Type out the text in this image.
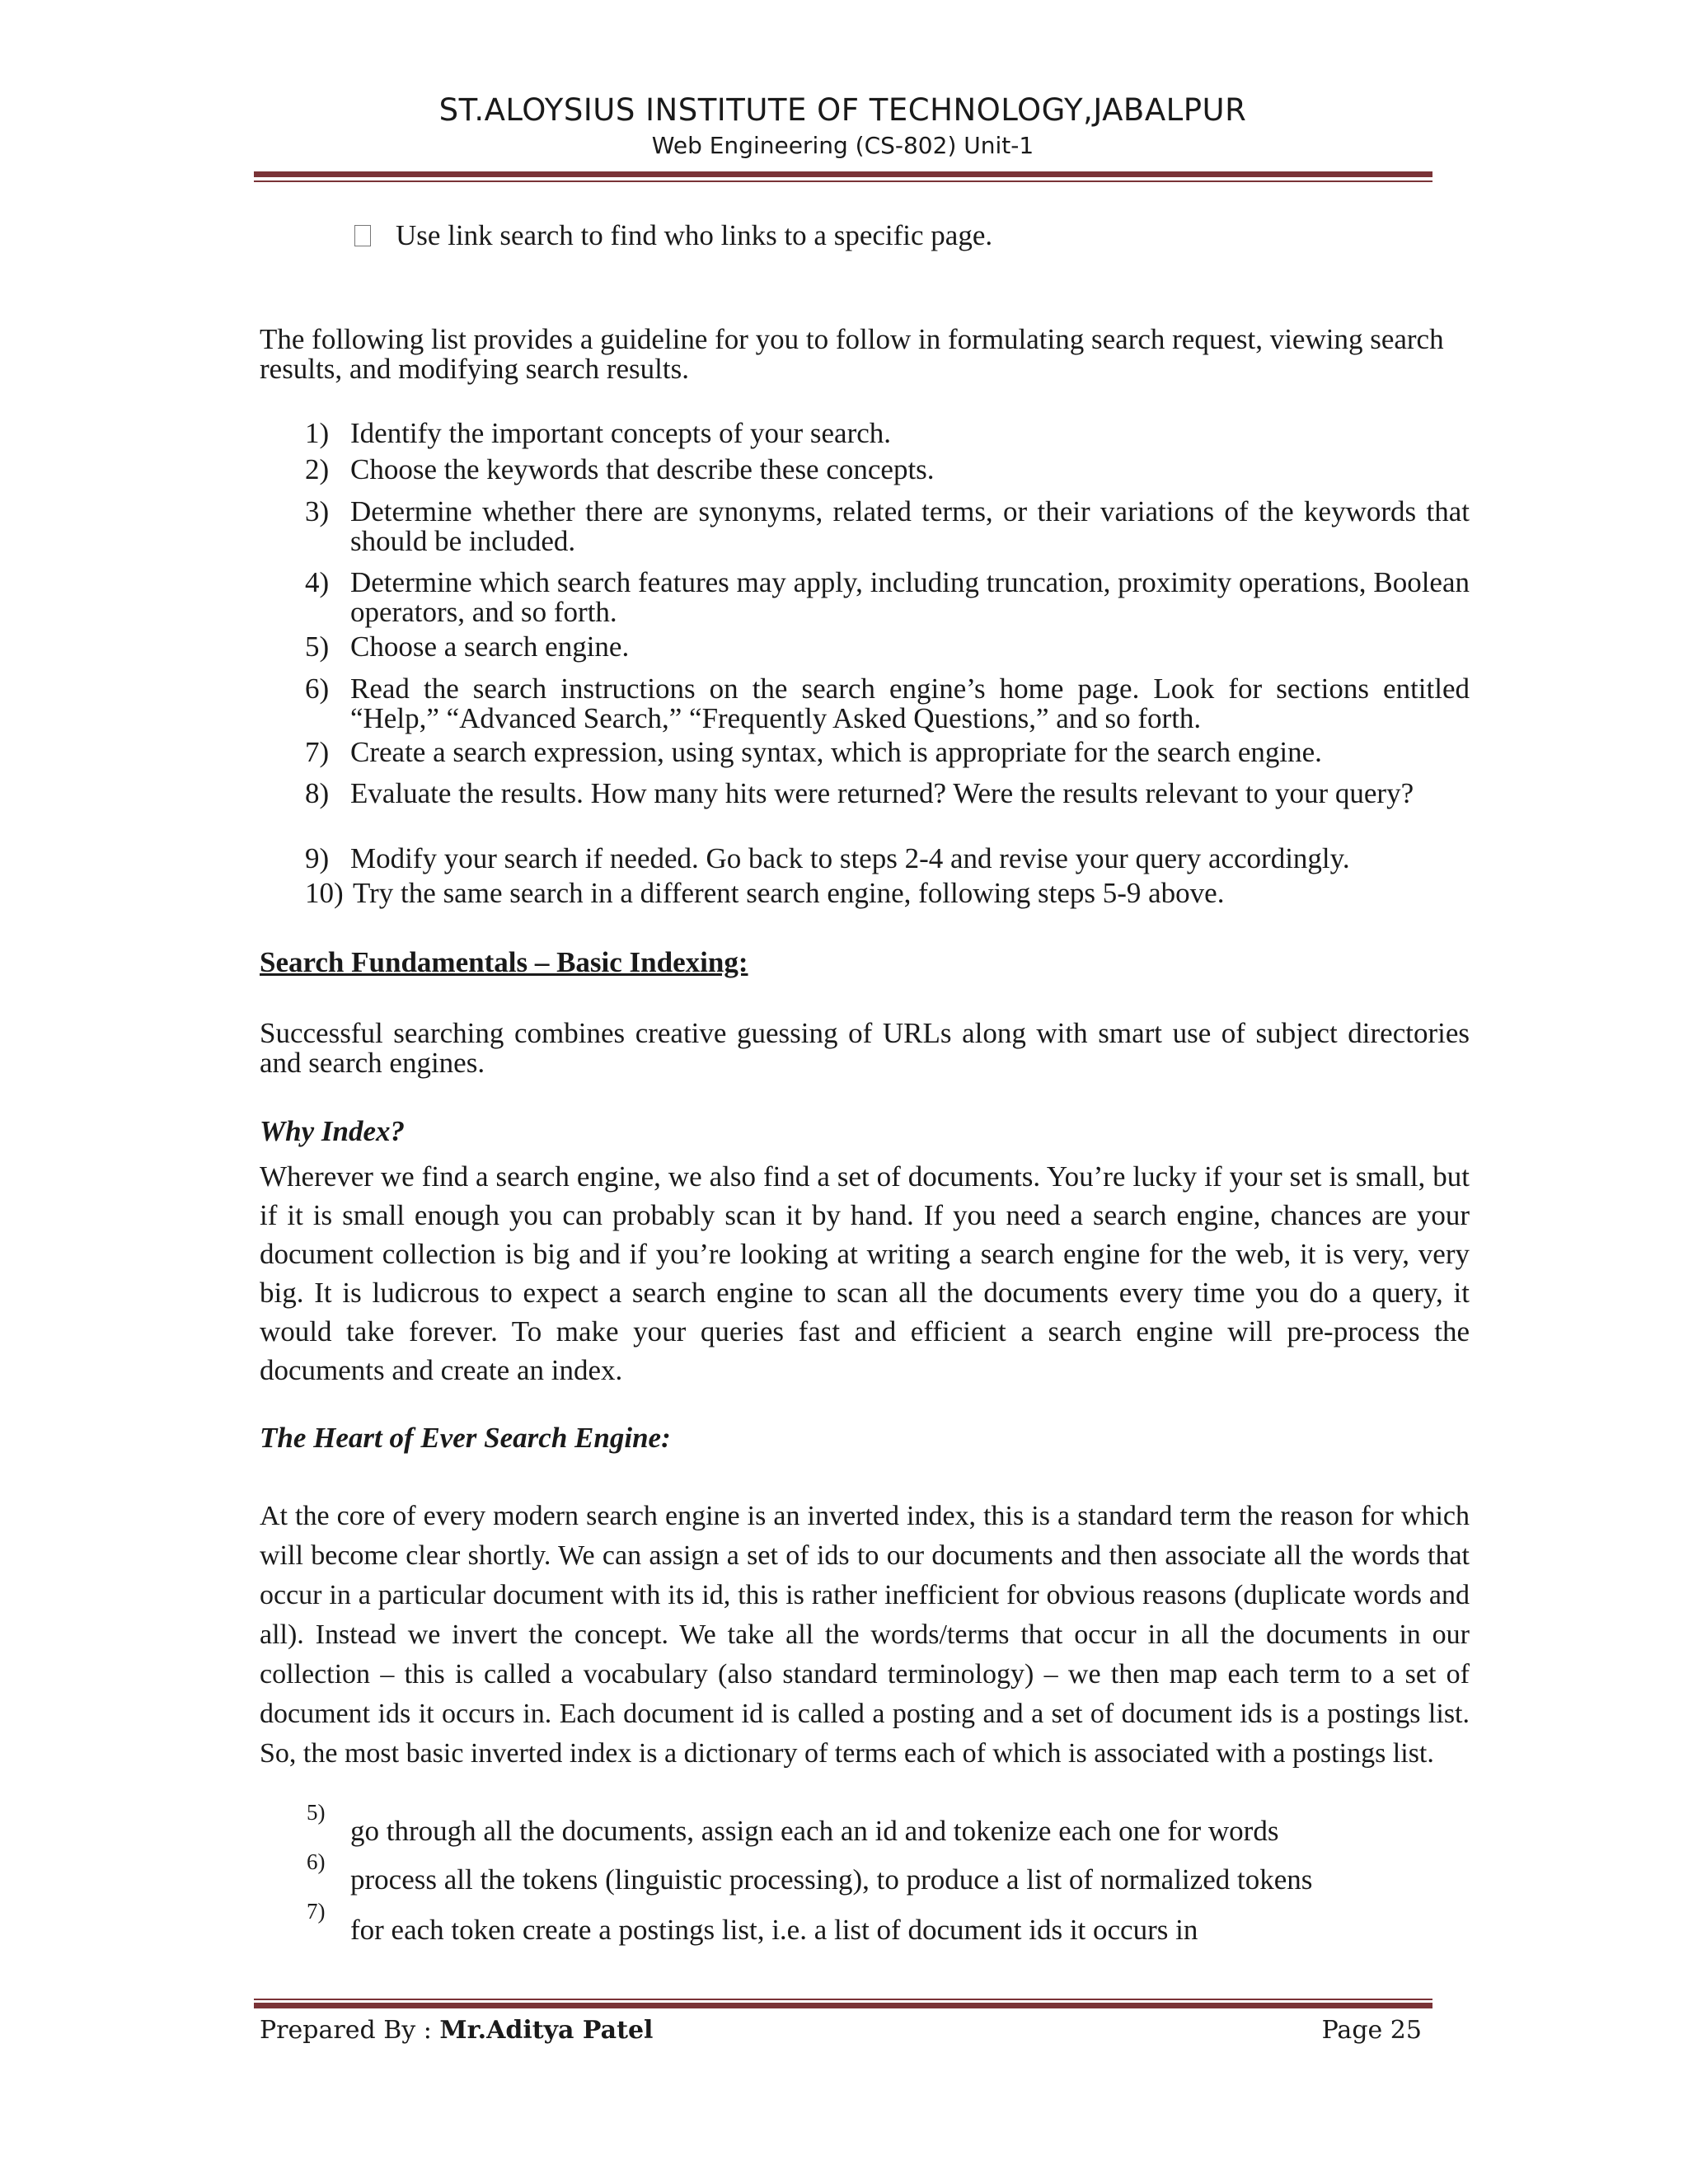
ST.ALOYSIUS INSTITUTE OF TECHNOLOGY,JABALPUR
Web Engineering (CS-802) Unit-1
Use link search to find who links to a specific page.
The following list provides a guideline for you to follow in formulating search request, viewing search results, and modifying search results.
1) Identify the important concepts of your search.
2) Choose the keywords that describe these concepts.
3) Determine whether there are synonyms, related terms, or their variations of the keywords that should be included.
4) Determine which search features may apply, including truncation, proximity operations, Boolean operators, and so forth.
5) Choose a search engine.
6) Read the search instructions on the search engine’s home page. Look for sections entitled “Help,” “Advanced Search,” “Frequently Asked Questions,” and so forth.
7) Create a search expression, using syntax, which is appropriate for the search engine.
8) Evaluate the results. How many hits were returned? Were the results relevant to your query?
9) Modify your search if needed. Go back to steps 2-4 and revise your query accordingly.
10) Try the same search in a different search engine, following steps 5-9 above.
Search Fundamentals – Basic Indexing:
Successful searching combines creative guessing of URLs along with smart use of subject directories and search engines.
Why Index?
Wherever we find a search engine, we also find a set of documents. You’re lucky if your set is small, but if it is small enough you can probably scan it by hand. If you need a search engine, chances are your document collection is big and if you’re looking at writing a search engine for the web, it is very, very big. It is ludicrous to expect a search engine to scan all the documents every time you do a query, it would take forever. To make your queries fast and efficient a search engine will pre-process the documents and create an index.
The Heart of Ever Search Engine:
At the core of every modern search engine is an inverted index, this is a standard term the reason for which will become clear shortly. We can assign a set of ids to our documents and then associate all the words that occur in a particular document with its id, this is rather inefficient for obvious reasons (duplicate words and all). Instead we invert the concept. We take all the words/terms that occur in all the documents in our collection – this is called a vocabulary (also standard terminology) – we then map each term to a set of document ids it occurs in. Each document id is called a posting and a set of document ids is a postings list. So, the most basic inverted index is a dictionary of terms each of which is associated with a postings list.
5)
go through all the documents, assign each an id and tokenize each one for words
6)
process all the tokens (linguistic processing), to produce a list of normalized tokens
7)
for each token create a postings list, i.e. a list of document ids it occurs in
Prepared By : Mr.Aditya Patel	Page 25
